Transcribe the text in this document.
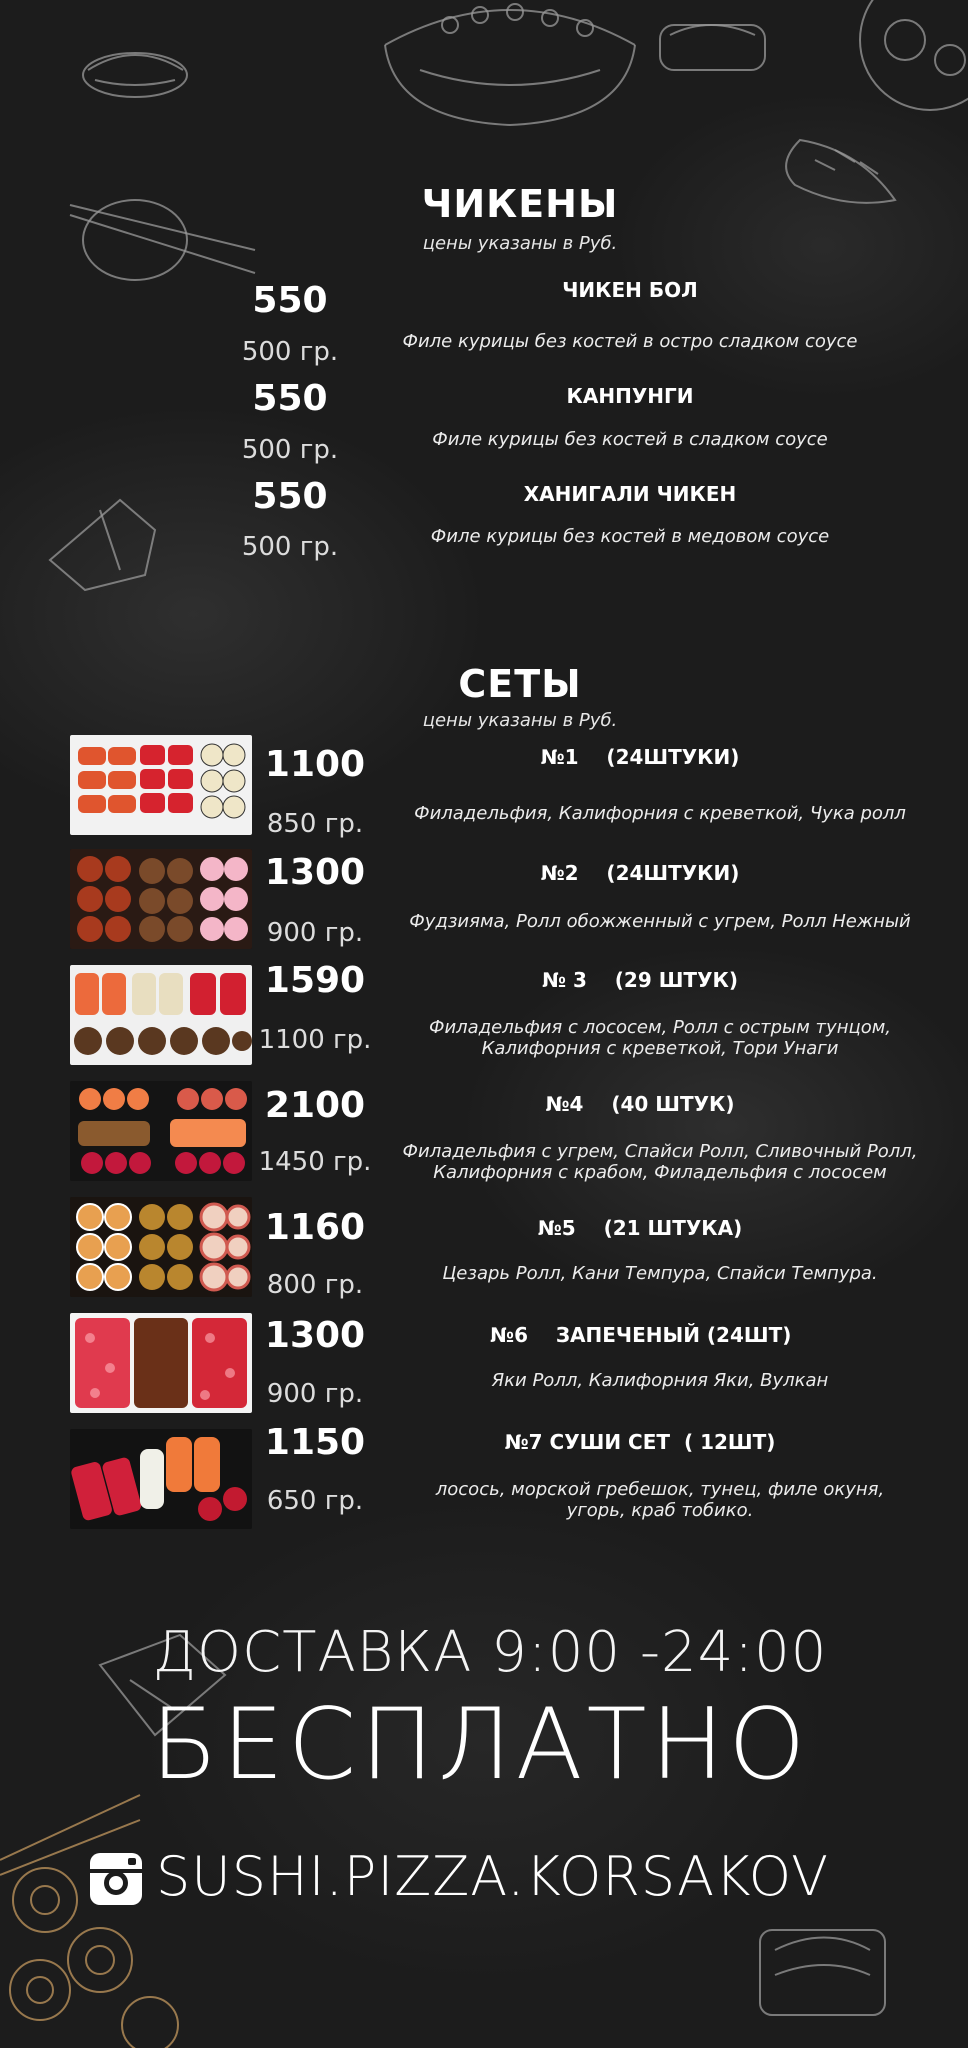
ЧИКЕНЫ
цены указаны в Руб.
550
500 гр.
ЧИКЕН БОЛ
Филе курицы без костей в остро сладком соусе
550
500 гр.
КАНПУНГИ
Филе курицы без костей в сладком соусе
550
500 гр.
ХАНИГАЛИ ЧИКЕН
Филе курицы без костей в медовом соусе
СЕТЫ
цены указаны в Руб.
1100
850 гр.
№1    (24ШТУКИ)
Филадельфия, Калифорния с креветкой, Чука ролл
1300
900 гр.
№2    (24ШТУКИ)
Фудзияма, Ролл обожженный с угрем, Ролл Нежный
1590
1100 гр.
№ 3    (29 ШТУК)
Филадельфия с лососем, Ролл с острым тунцом,
Калифорния с креветкой, Тори Унаги
2100
1450 гр.
№4    (40 ШТУК)
Филадельфия с угрем, Спайси Ролл, Сливочный Ролл,
Калифорния с крабом, Филадельфия с лососем
1160
800 гр.
№5    (21 ШТУКА)
Цезарь Ролл, Кани Темпура, Спайси Темпура.
1300
900 гр.
№6    ЗАПЕЧЕНЫЙ (24ШТ)
Яки Ролл, Калифорния Яки, Вулкан
1150
650 гр.
№7 СУШИ СЕТ  ( 12ШТ)
лосось, морской гребешок, тунец, филе окуня,
угорь, краб тобико.
ДОСТАВКА 9:00 -24:00
БЕСПЛАТНО
SUSHI.PIZZA.KORSAKOV
